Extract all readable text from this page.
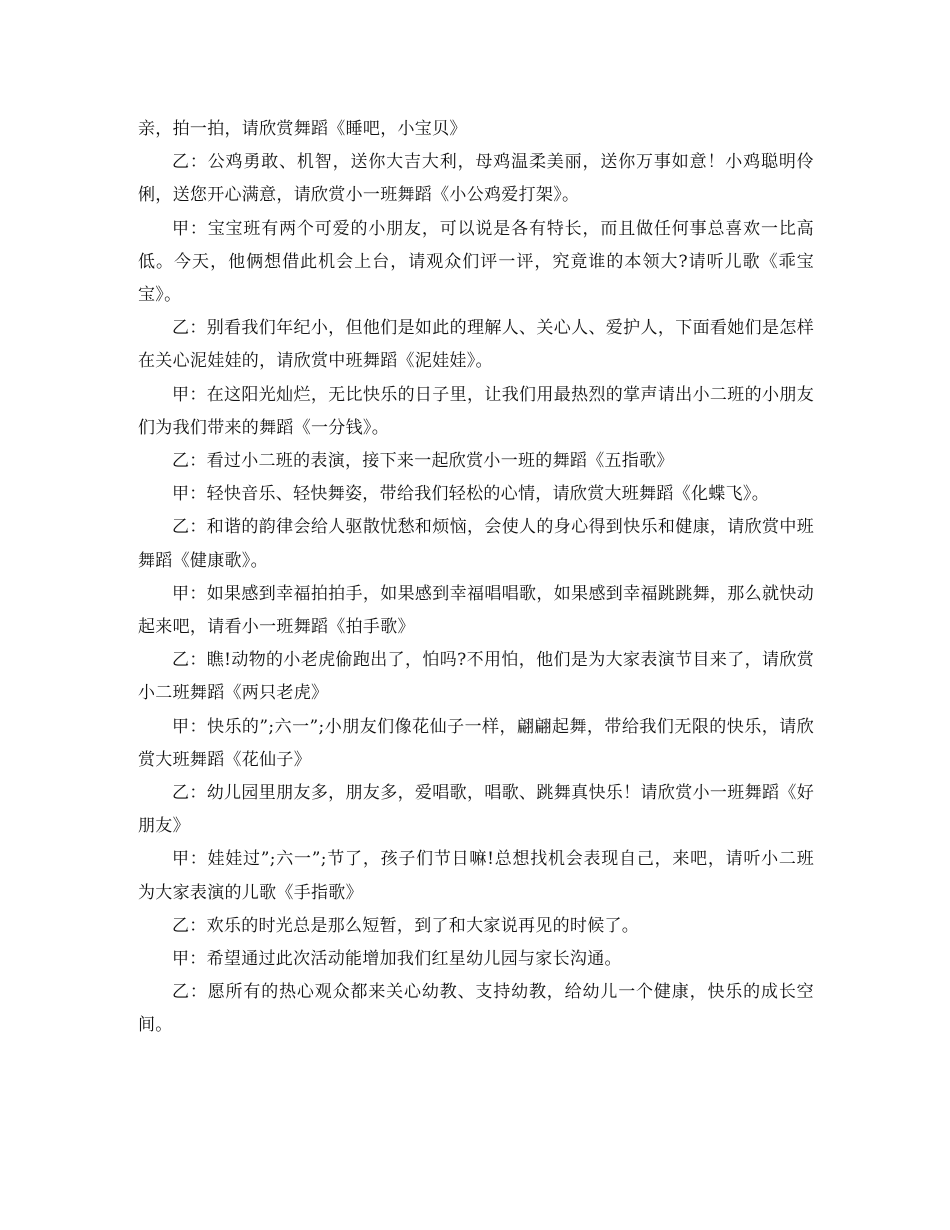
亲，拍一拍，请欣赏舞蹈《睡吧，小宝贝》

乙：公鸡勇敢、机智，送你大吉大利，母鸡温柔美丽，送你万事如意！小鸡聪明伶俐，送您开心满意，请欣赏小一班舞蹈《小公鸡爱打架》。

甲：宝宝班有两个可爱的小朋友，可以说是各有特长，而且做任何事总喜欢一比高低。今天，他俩想借此机会上台，请观众们评一评，究竟谁的本领大?请听儿歌《乖宝宝》。

乙：别看我们年纪小，但他们是如此的理解人、关心人、爱护人，下面看她们是怎样在关心泥娃娃的，请欣赏中班舞蹈《泥娃娃》。

甲：在这阳光灿烂，无比快乐的日子里，让我们用最热烈的掌声请出小二班的小朋友们为我们带来的舞蹈《一分钱》。

乙：看过小二班的表演，接下来一起欣赏小一班的舞蹈《五指歌》

甲：轻快音乐、轻快舞姿，带给我们轻松的心情，请欣赏大班舞蹈《化蝶飞》。

乙：和谐的韵律会给人驱散忧愁和烦恼，会使人的身心得到快乐和健康，请欣赏中班舞蹈《健康歌》。

甲：如果感到幸福拍拍手，如果感到幸福唱唱歌，如果感到幸福跳跳舞，那么就快动起来吧，请看小一班舞蹈《拍手歌》

乙：瞧!动物的小老虎偷跑出了，怕吗?不用怕，他们是为大家表演节目来了，请欣赏小二班舞蹈《两只老虎》

甲：快乐的”;六一”;小朋友们像花仙子一样，翩翩起舞，带给我们无限的快乐，请欣赏大班舞蹈《花仙子》

乙：幼儿园里朋友多，朋友多，爱唱歌，唱歌、跳舞真快乐！请欣赏小一班舞蹈《好朋友》

甲：娃娃过”;六一”;节了，孩子们节日嘛!总想找机会表现自己，来吧，请听小二班为大家表演的儿歌《手指歌》

乙：欢乐的时光总是那么短暂，到了和大家说再见的时候了。

甲：希望通过此次活动能增加我们红星幼儿园与家长沟通。

乙：愿所有的热心观众都来关心幼教、支持幼教，给幼儿一个健康，快乐的成长空间。
